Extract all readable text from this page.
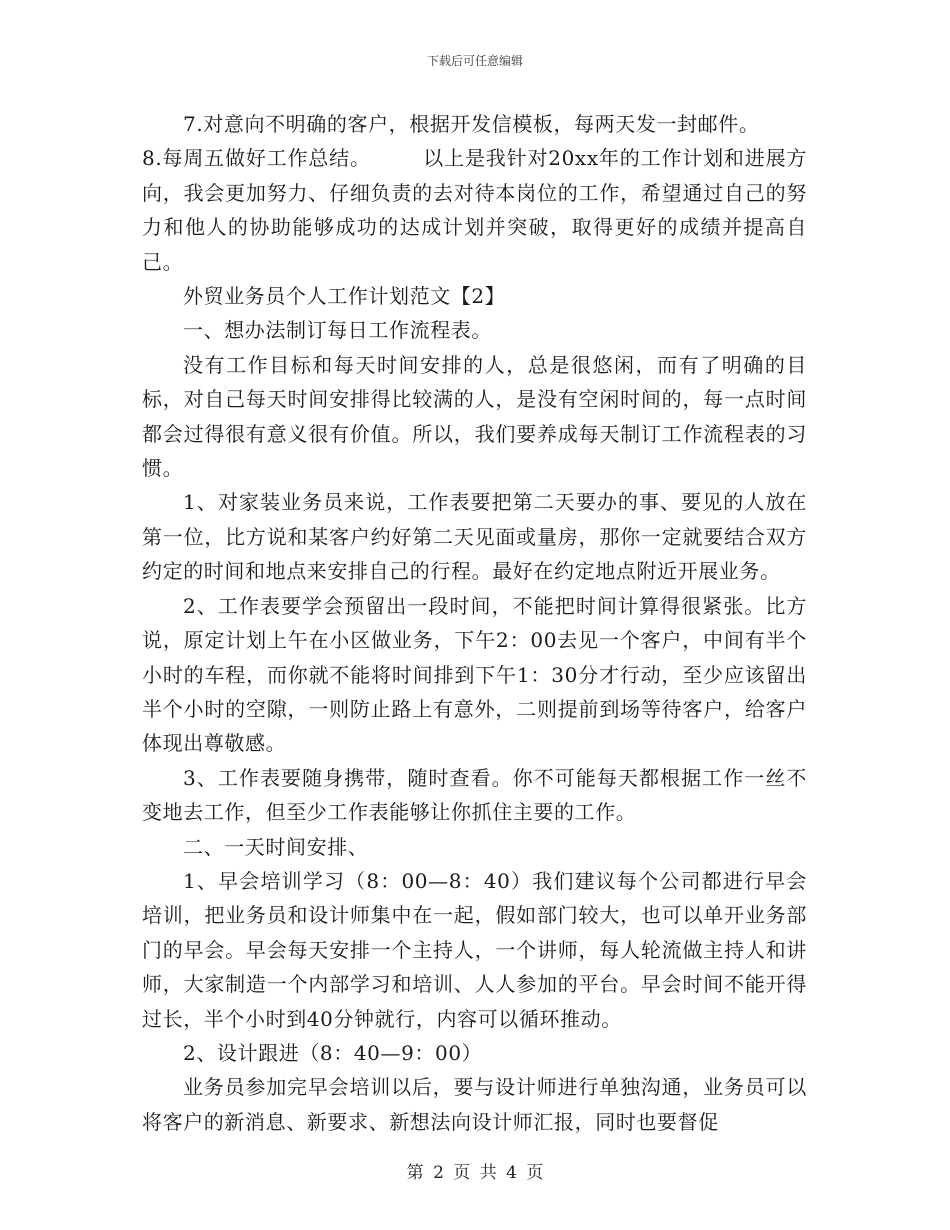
下载后可任意编辑

7.对意向不明确的客户，根据开发信模板，每两天发一封邮件。

8.每周五做好工作总结。　　　以上是我针对20xx年的工作计划和进展方向，我会更加努力、仔细负责的去对待本岗位的工作，希望通过自己的努力和他人的协助能够成功的达成计划并突破，取得更好的成绩并提高自己。

外贸业务员个人工作计划范文【2】

一、想办法制订每日工作流程表。

没有工作目标和每天时间安排的人，总是很悠闲，而有了明确的目标，对自己每天时间安排得比较满的人，是没有空闲时间的，每一点时间都会过得很有意义很有价值。所以，我们要养成每天制订工作流程表的习惯。

1、对家装业务员来说，工作表要把第二天要办的事、要见的人放在第一位，比方说和某客户约好第二天见面或量房，那你一定就要结合双方约定的时间和地点来安排自己的行程。最好在约定地点附近开展业务。

2、工作表要学会预留出一段时间，不能把时间计算得很紧张。比方说，原定计划上午在小区做业务，下午2：00去见一个客户，中间有半个小时的车程，而你就不能将时间排到下午1：30分才行动，至少应该留出半个小时的空隙，一则防止路上有意外，二则提前到场等待客户，给客户体现出尊敬感。

3、工作表要随身携带，随时查看。你不可能每天都根据工作一丝不变地去工作，但至少工作表能够让你抓住主要的工作。

二、一天时间安排、

1、早会培训学习（8：00—8：40）我们建议每个公司都进行早会培训，把业务员和设计师集中在一起，假如部门较大，也可以单开业务部门的早会。早会每天安排一个主持人，一个讲师，每人轮流做主持人和讲师，大家制造一个内部学习和培训、人人参加的平台。早会时间不能开得过长，半个小时到40分钟就行，内容可以循环推动。

2、设计跟进（8：40—9：00）

业务员参加完早会培训以后，要与设计师进行单独沟通，业务员可以将客户的新消息、新要求、新想法向设计师汇报，同时也要督促

第 2 页 共 4 页
